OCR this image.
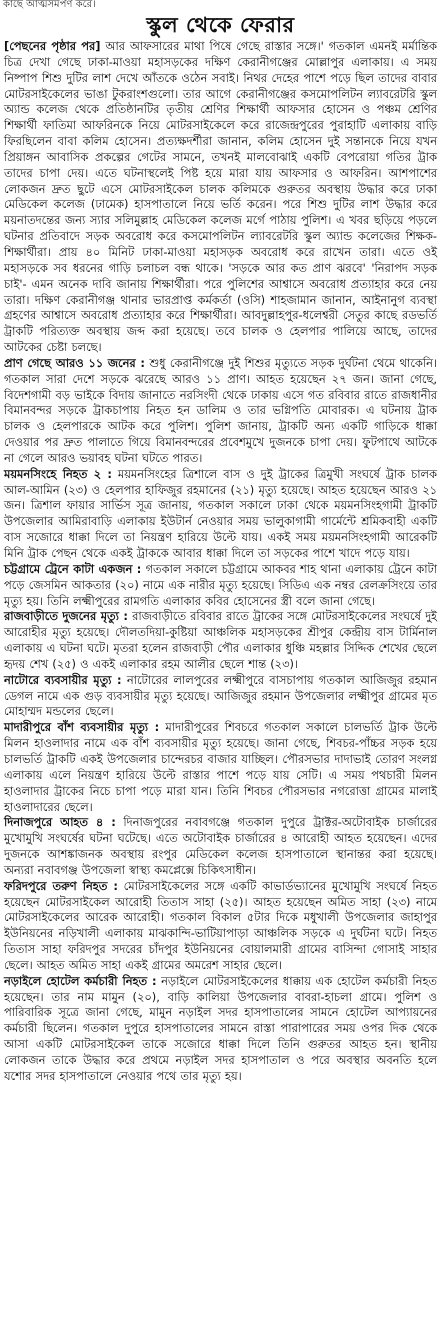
কাছে আত্মসমর্পণ করে।
স্কুল থেকে ফেরার

[পেছনের পৃষ্ঠার পর] আর আফসারের মাথা পিষে গেছে রাস্তার সঙ্গে।' গতকাল এমনই মর্মান্তিক চিত্র দেখা গেছে ঢাকা-মাওয়া মহাসড়কের দক্ষিণ কেরানীগঞ্জের মোল্লাপুর এলাকায়। এ সময় নিষ্পাপ শিশু দুটির লাশ দেখে আঁতকে ওঠেন সবাই। নিথর দেহের পাশে পড়ে ছিল তাদের বাবার মোটরসাইকেলের ভাঙা টুকরাংশগুলো। তার আগে কেরানীগঞ্জের কসমোপলিটন ল্যাবরেটরি স্কুল অ্যান্ড কলেজ থেকে প্রতিষ্ঠানটির তৃতীয় শ্রেণির শিক্ষার্থী আফসার হোসেন ও পঞ্চম শ্রেণির শিক্ষার্থী ফাতিমা আফরিনকে নিয়ে মোটরসাইকেলে করে রাজেন্দ্রপুরের পুরাহাটি এলাকায় বাড়ি ফিরছিলেন বাবা কলিম হোসেন। প্রত্যক্ষদর্শীরা জানান, কলিম হোসেন দুই সন্তানকে নিয়ে যখন প্রিয়াঙ্গন আবাসিক প্রকল্পের গেটের সামনে, তখনই মালবোঝাই একটি বেপরোয়া গতির ট্রাক তাদের চাপা দেয়। এতে ঘটনাস্থলেই পিষ্ট হয়ে মারা যায় আফসার ও আফরিন। আশপাশের লোকজন দ্রুত ছুটে এসে মোটরসাইকেল চালক কলিমকে গুরুতর অবস্থায় উদ্ধার করে ঢাকা মেডিকেল কলেজ (ঢামেক) হাসপাতালে নিয়ে ভর্তি করেন। পরে শিশু দুটির লাশ উদ্ধার করে ময়নাতদন্তের জন্য স্যার সলিমুল্লাহ মেডিকেল কলেজ মর্গে পাঠায় পুলিশ। এ খবর ছড়িয়ে পড়লে ঘটনার প্রতিবাদে সড়ক অবরোধ করে কসমোপলিটন ল্যাবরেটরি স্কুল অ্যান্ড কলেজের শিক্ষক-শিক্ষার্থীরা। প্রায় ৪০ মিনিট ঢাকা-মাওয়া মহাসড়ক অবরোধ করে রাখেন তারা। এতে ওই মহাসড়কে সব ধরনের গাড়ি চলাচল বন্ধ থাকে। 'সড়কে আর কত প্রাণ ঝরবে' 'নিরাপদ সড়ক চাই'- এমন অনেক দাবি জানায় শিক্ষার্থীরা। পরে পুলিশের আশ্বাসে অবরোধ প্রত্যাহার করে নেয় তারা। দক্ষিণ কেরানীগঞ্জ থানার ভারপ্রাপ্ত কর্মকর্তা (ওসি) শাহজামান জানান, আইনানুগ ব্যবস্থা গ্রহণের আশ্বাসে অবরোধ প্রত্যাহার করে শিক্ষার্থীরা। আবদুল্লাহপুর-ধলেশ্বরী সেতুর কাছে রডভর্তি ট্রাকটি পরিত্যক্ত অবস্থায় জব্দ করা হয়েছে। তবে চালক ও হেলপার পালিয়ে আছে, তাদের আটকের চেষ্টা চলছে।

প্রাণ গেছে আরও ১১ জনের : শুধু কেরানীগঞ্জে দুই শিশুর মৃত্যুতে সড়ক দুর্ঘটনা থেমে থাকেনি। গতকাল সারা দেশে সড়কে ঝরেছে আরও ১১ প্রাণ। আহত হয়েছেন ২৭ জন। জানা গেছে, বিদেশগামী বড় ভাইকে বিদায় জানাতে নরসিংদী থেকে ঢাকায় এসে গত রবিবার রাতে রাজধানীর বিমানবন্দর সড়কে ট্রাকচাপায় নিহত হন ডালিম ও তার ভগ্নিপতি মোবারক। এ ঘটনায় ট্রাক চালক ও হেলপারকে আটক করে পুলিশ। পুলিশ জানায়, ট্রাকটি অন্য একটি গাড়িকে ধাক্কা দেওয়ার পর দ্রুত পালাতে গিয়ে বিমানবন্দরের প্রবেশমুখে দুজনকে চাপা দেয়। ফুটপাথে আটকে না গেলে আরও ভয়াবহ ঘটনা ঘটতে পারত।

ময়মনসিংহে নিহত ২ : ময়মনসিংহের ত্রিশালে বাস ও দুই ট্রাকের ত্রিমুখী সংঘর্ষে ট্রাক চালক আল-আমিন (২৩) ও হেলপার হাফিজুর রহমানের (২১) মৃত্যু হয়েছে। আহত হয়েছেন আরও ২১ জন। ত্রিশাল ফায়ার সার্ভিস সূত্র জানায়, গতকাল সকালে ঢাকা থেকে ময়মনসিংহগামী ট্রাকটি উপজেলার আমিরাবাড়ি এলাকায় ইউটার্ন নেওয়ার সময় ভালুকাগামী গার্মেন্টে শ্রমিকবাহী একটি বাস সজোরে ধাক্কা দিলে তা নিয়ন্ত্রণ হারিয়ে উল্টে যায়। একই সময় ময়মনসিংহগামী আরেকটি মিনি ট্রাক পেছন থেকে একই ট্রাককে আবার ধাক্কা দিলে তা সড়কের পাশে খাদে পড়ে যায়।

চট্টগ্রামে ট্রেনে কাটা একজন : গতকাল সকালে চট্টগ্রামে আকবর শাহ থানা এলাকায় ট্রেনে কাটা পড়ে জেসমিন আকতার (২০) নামে এক নারীর মৃত্যু হয়েছে। সিডিএ এক নম্বর রেলক্রসিংয়ে তার মৃত্যু হয়। তিনি লক্ষ্মীপুরের রামগতি এলাকার কবির হোসেনের স্ত্রী বলে জানা গেছে।

রাজবাড়ীতে দুজনের মৃত্যু : রাজবাড়ীতে রবিবার রাতে ট্রাকের সঙ্গে মোটরসাইকেলের সংঘর্ষে দুই আরোহীর মৃত্যু হয়েছে। দৌলতদিয়া-কুষ্টিয়া আঞ্চলিক মহাসড়কের শ্রীপুর কেন্দ্রীয় বাস টার্মিনাল এলাকায় এ ঘটনা ঘটে। মৃতরা হলেন রাজবাড়ী পৌর এলাকার ধুঞ্চি মহল্লার সিদ্দিক শেখের ছেলে হৃদয় শেখ (২৫) ও একই এলাকার রহম আলীর ছেলে শান্ত (২৩)।

নাটোরে ব্যবসায়ীর মৃত্যু : নাটোরের লালপুরের লক্ষ্মীপুরে বাসচাপায় গতকাল আজিজুর রহমান ডেগল নামে এক গুড় ব্যবসায়ীর মৃত্যু হয়েছে। আজিজুর রহমান উপজেলার লক্ষ্মীপুর গ্রামের মৃত মোহাম্মদ মন্ডলের ছেলে।

মাদারীপুরে বাঁশ ব্যবসায়ীর মৃত্যু : মাদারীপুরের শিবচরে গতকাল সকালে চালভর্তি ট্রাক উল্টে মিলন হাওলাদার নামে এক বাঁশ ব্যবসায়ীর মৃত্যু হয়েছে। জানা গেছে, শিবচর-পাঁচ্চর সড়ক হয়ে চালভর্তি ট্রাকটি একই উপজেলার চান্দেরচর বাজার যাচ্ছিল। পৌরসভার দাদাভাই তোরণ সংলগ্ন এলাকায় এলে নিয়ন্ত্রণ হারিয়ে উল্টে রাস্তার পাশে পড়ে যায় সেটি। এ সময় পথচারী মিলন হাওলাদার ট্রাকের নিচে চাপা পড়ে মারা যান। তিনি শিবচর পৌরসভার নগরোত্তা গ্রামের মালাই হাওলাদারের ছেলে।

দিনাজপুরে আহত ৪ : দিনাজপুরের নবাবগঞ্জে গতকাল দুপুরে ট্রাক্টর-অটোবাইক চার্জারের মুখোমুখি সংঘর্ষের ঘটনা ঘটেছে। এতে অটোবাইক চার্জারের ৪ আরোহী আহত হয়েছেন। এদের দুজনকে আশঙ্কাজনক অবস্থায় রংপুর মেডিকেল কলেজ হাসপাতালে স্থানান্তর করা হয়েছে। অন্যরা নবাবগঞ্জ উপজেলা স্বাস্থ্য কমপ্লেক্সে চিকিৎসাধীন।

ফরিদপুরে তরুণ নিহত : মোটরসাইকেলের সঙ্গে একটি কাভার্ডভ্যানের মুখোমুখি সংঘর্ষে নিহত হয়েছেন মোটরসাইকেল আরোহী তিতাস সাহা (২৫)। আহত হয়েছেন অমিত সাহা (২৩) নামে মোটরসাইকেলের আরেক আরোহী। গতকাল বিকাল ৫টার দিকে মধুখালী উপজেলার জাহাপুর ইউনিয়নের নড়িখালী এলাকায় মাঝকান্দি-ভাটিয়াপাড়া আঞ্চলিক সড়কে এ দুর্ঘটনা ঘটে। নিহত তিতাস সাহা ফরিদপুর সদরের চাঁদপুর ইউনিয়নের বোয়ালমারী গ্রামের বাসিন্দা গোসাই সাহার ছেলে। আহত অমিত সাহা একই গ্রামের অমরেশ সাহার ছেলে।

নড়াইলে হোটেল কর্মচারী নিহত : নড়াইলে মোটরসাইকেলের ধাক্কায় এক হোটেল কর্মচারী নিহত হয়েছেন। তার নাম মামুন (২০), বাড়ি কালিয়া উপজেলার বাবরা-হাচলা গ্রামে। পুলিশ ও পারিবারিক সূত্রে জানা গেছে, মামুন নড়াইল সদর হাসপাতালের সামনে হোটেল আপ্যায়নের কর্মচারী ছিলেন। গতকাল দুপুরে হাসপাতালের সামনে রাস্তা পারাপারের সময় ওপর দিক থেকে আসা একটি মোটরসাইকেল তাকে সজোরে ধাক্কা দিলে তিনি গুরুতর আহত হন। স্থানীয় লোকজন তাকে উদ্ধার করে প্রথমে নড়াইল সদর হাসপাতাল ও পরে অবস্থার অবনতি হলে যশোর সদর হাসপাতালে নেওয়ার পথে তার মৃত্যু হয়।
